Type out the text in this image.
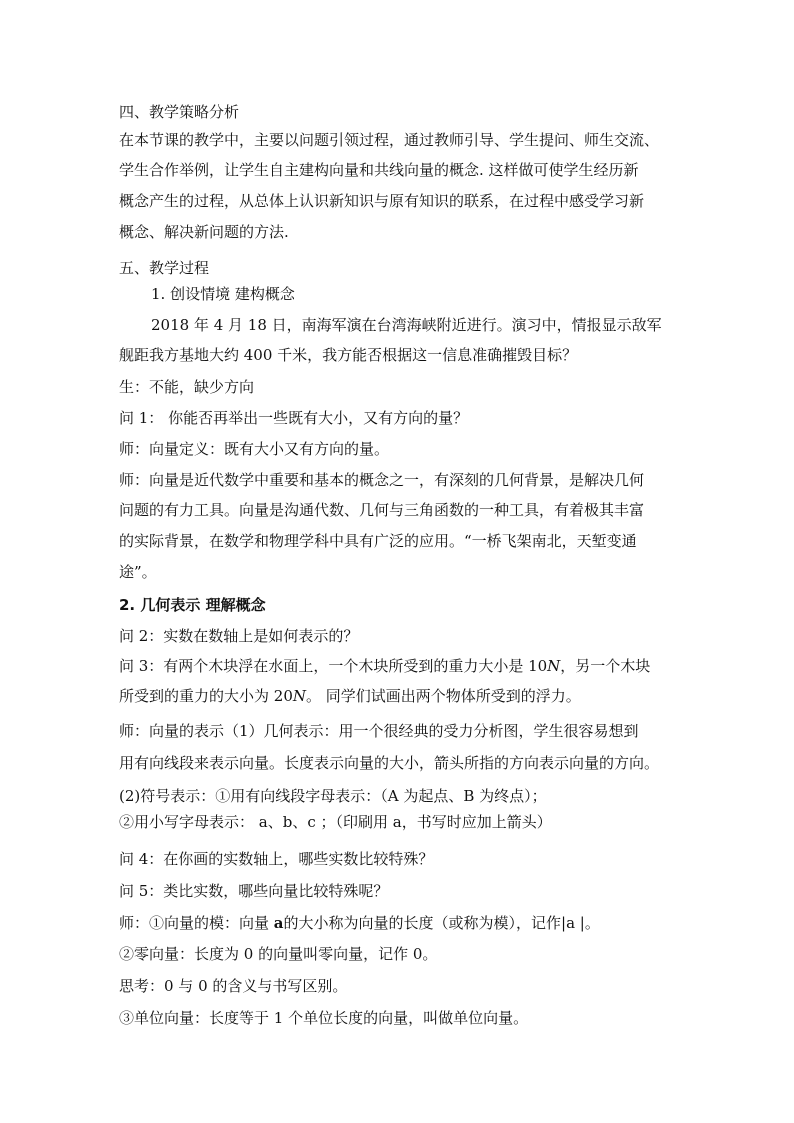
四、教学策略分析
在本节课的教学中，主要以问题引领过程，通过教师引导、学生提问、师生交流、
学生合作举例，让学生自主建构向量和共线向量的概念. 这样做可使学生经历新
概念产生的过程，从总体上认识新知识与原有知识的联系，在过程中感受学习新
概念、解决新问题的方法.
五、教学过程
1. 创设情境 建构概念
2018 年 4 月 18 日，南海军演在台湾海峡附近进行。演习中，情报显示敌军
舰距我方基地大约 400 千米，我方能否根据这一信息准确摧毁目标？
生：不能，缺少方向
问 1： 你能否再举出一些既有大小，又有方向的量？
师：向量定义：既有大小又有方向的量。
师：向量是近代数学中重要和基本的概念之一，有深刻的几何背景，是解决几何
问题的有力工具。向量是沟通代数、几何与三角函数的一种工具，有着极其丰富
的实际背景，在数学和物理学科中具有广泛的应用。“一桥飞架南北，天堑变通
途”。
2. 几何表示 理解概念
问 2：实数在数轴上是如何表示的？
问 3：有两个木块浮在水面上，一个木块所受到的重力大小是 10N，另一个木块
所受到的重力的大小为 20N。 同学们试画出两个物体所受到的浮力。
师：向量的表示（1）几何表示：用一个很经典的受力分析图，学生很容易想到
用有向线段来表示向量。长度表示向量的大小，箭头所指的方向表示向量的方向。
(2)符号表示：①用有向线段字母表示：（A 为起点、B 为终点）；
②用小写字母表示： a、b、c ；（印刷用 a，书写时应加上箭头）
问 4：在你画的实数轴上，哪些实数比较特殊？
问 5：类比实数，哪些向量比较特殊呢？
师：①向量的模：向量 a的大小称为向量的长度（或称为模），记作|a |。
②零向量：长度为 0 的向量叫零向量，记作 0。
思考：0 与 0 的含义与书写区别。
③单位向量：长度等于 1 个单位长度的向量，叫做单位向量。
